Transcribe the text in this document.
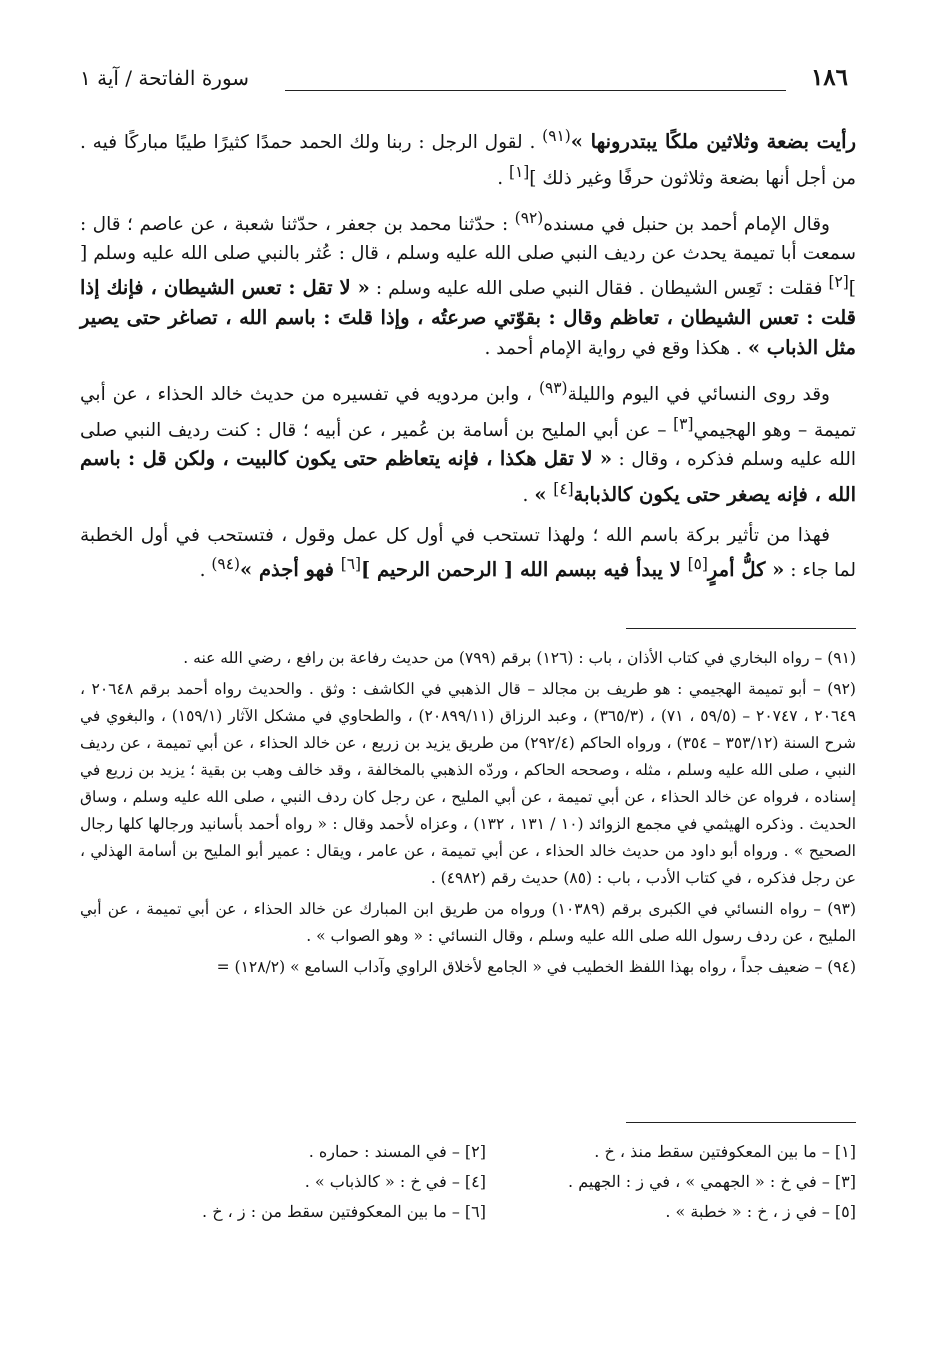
١٨٦
سورة الفاتحة / آية ١

رأيت بضعة وثلاثين ملكًا يبتدرونها »$^{(٩١)}$ . لقول الرجل : ربنا ولك الحمد حمدًا كثيرًا طيبًا مباركًا فيه . من أجل أنها بضعة وثلاثون حرفًا وغير ذلك ][١] .

وقال الإمام أحمد بن حنبل في مسنده$^{(٩٢)}$ : حدّثنا محمد بن جعفر ، حدّثنا شعبة ، عن عاصم ؛ قال : سمعت أبا تميمة يحدث عن رديف النبي صلى الله عليه وسلم ، قال : عُثر بالنبي صلى الله عليه وسلم [ ][٢] فقلت : تَعِس الشيطان . فقال النبي صلى الله عليه وسلم : « لا تقل : تعس الشيطان ، فإنك إذا قلت : تعس الشيطان ، تعاظم وقال : بقوّتي صرعتُه ، وإذا قلتَ : باسم الله ، تصاغر حتى يصير مثل الذباب » . هكذا وقع في رواية الإمام أحمد .

وقد روى النسائي في اليوم والليلة$^{(٩٣)}$ ، وابن مردويه في تفسيره من حديث خالد الحذاء ، عن أبي تميمة – وهو الهجيمي[٣] – عن أبي المليح بن أسامة بن عُمير ، عن أبيه ؛ قال : كنت رديف النبي صلى الله عليه وسلم فذكره ، وقال : « لا تقل هكذا ، فإنه يتعاظم حتى يكون كالبيت ، ولكن قل : باسم الله ، فإنه يصغر حتى يكون كالذبابة[٤] » .

فهذا من تأثير بركة باسم الله ؛ ولهذا تستحب في أول كل عمل وقول ، فتستحب في أول الخطبة لما جاء : « كلُّ أمرٍ[٥] لا يبدأ فيه ببسم الله [ الرحمن الرحيم ][٦] فهو أجذم »$^{(٩٤)}$ .

(٩١) – رواه البخاري في كتاب الأذان ، باب : (١٢٦) برقم (٧٩٩) من حديث رفاعة بن رافع ، رضي الله عنه .

(٩٢) – أبو تميمة الهجيمي : هو طريف بن مجالد – قال الذهبي في الكاشف : وثق . والحديث رواه أحمد برقم ٢٠٦٤٨ ، ٢٠٦٤٩ ، ٢٠٧٤٧ – (٥٩/٥ ، ٧١) ، (٣٦٥/٣) ، وعبد الرزاق (٢٠٨٩٩/١١) ، والطحاوي في مشكل الآثار (١٥٩/١) ، والبغوي في شرح السنة (٣٥٣/١٢ – ٣٥٤) ، ورواه الحاكم (٢٩٢/٤) من طريق يزيد بن زريع ، عن خالد الحذاء ، عن أبي تميمة ، عن رديف النبي ، صلى الله عليه وسلم ، مثله ، وصححه الحاكم ، وردّه الذهبي بالمخالفة ، وقد خالف وهب بن بقية ؛ يزيد بن زريع في إسناده ، فرواه عن خالد الحذاء ، عن أبي تميمة ، عن أبي المليح ، عن رجل كان ردف النبي ، صلى الله عليه وسلم ، وساق الحديث . وذكره الهيثمي في مجمع الزوائد (١٠ / ١٣١ ، ١٣٢) ، وعزاه لأحمد وقال : « رواه أحمد بأسانيد ورجالها كلها رجال الصحيح » . ورواه أبو داود من حديث خالد الحذاء ، عن أبي تميمة ، عن عامر ، ويقال : عمير أبو المليح بن أسامة الهذلي ، عن رجل فذكره ، في كتاب الأدب ، باب : (٨٥) حديث رقم (٤٩٨٢) .

(٩٣) – رواه النسائي في الكبرى برقم (١٠٣٨٩) ورواه من طريق ابن المبارك عن خالد الحذاء ، عن أبي تميمة ، عن أبي المليح ، عن ردف رسول الله صلى الله عليه وسلم ، وقال النسائي : « وهو الصواب » .

(٩٤) – ضعيف جداً ، رواه بهذا اللفظ الخطيب في « الجامع لأخلاق الراوي وآداب السامع » (١٢٨/٢) =

[١] – ما بين المعكوفتين سقط منذ ، خ .
[٢] – في المسند : حماره .
[٣] – في خ : « الجهمي » ، في ز : الجهيم .
[٤] – في خ : « كالذباب » .
[٥] – في ز ، خ : « خطبة » .
[٦] – ما بين المعكوفتين سقط من : ز ، خ .
